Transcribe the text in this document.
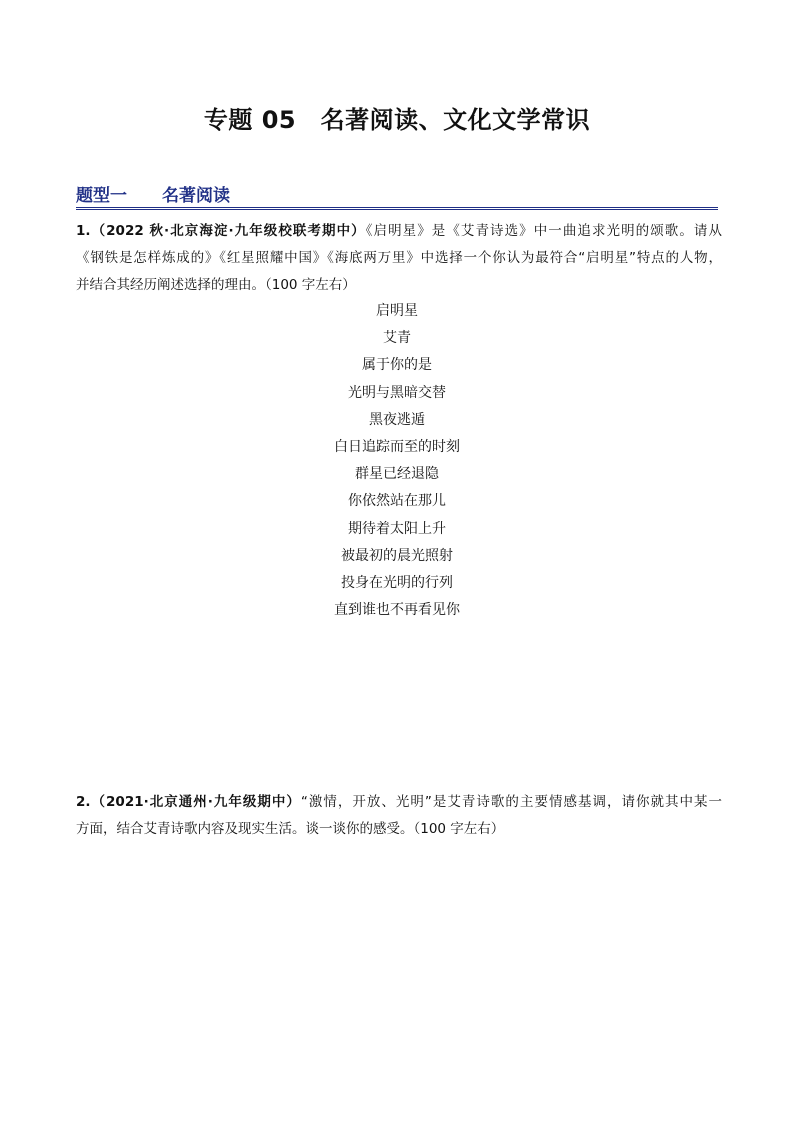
专题 05　名著阅读、文化文学常识
题型一 名著阅读
1.（2022 秋·北京海淀·九年级校联考期中）《启明星》是《艾青诗选》中一曲追求光明的颂歌。请从
《钢铁是怎样炼成的》《红星照耀中国》《海底两万里》中选择一个你认为最符合“启明星”特点的人物，
并结合其经历阐述选择的理由。（100 字左右）
启明星
艾青
属于你的是
光明与黑暗交替
黑夜逃遁
白日追踪而至的时刻
群星已经退隐
你依然站在那儿
期待着太阳上升
被最初的晨光照射
投身在光明的行列
直到谁也不再看见你
2.（2021·北京通州·九年级期中）“激情，开放、光明”是艾青诗歌的主要情感基调，请你就其中某一
方面，结合艾青诗歌内容及现实生活。谈一谈你的感受。（100 字左右）
